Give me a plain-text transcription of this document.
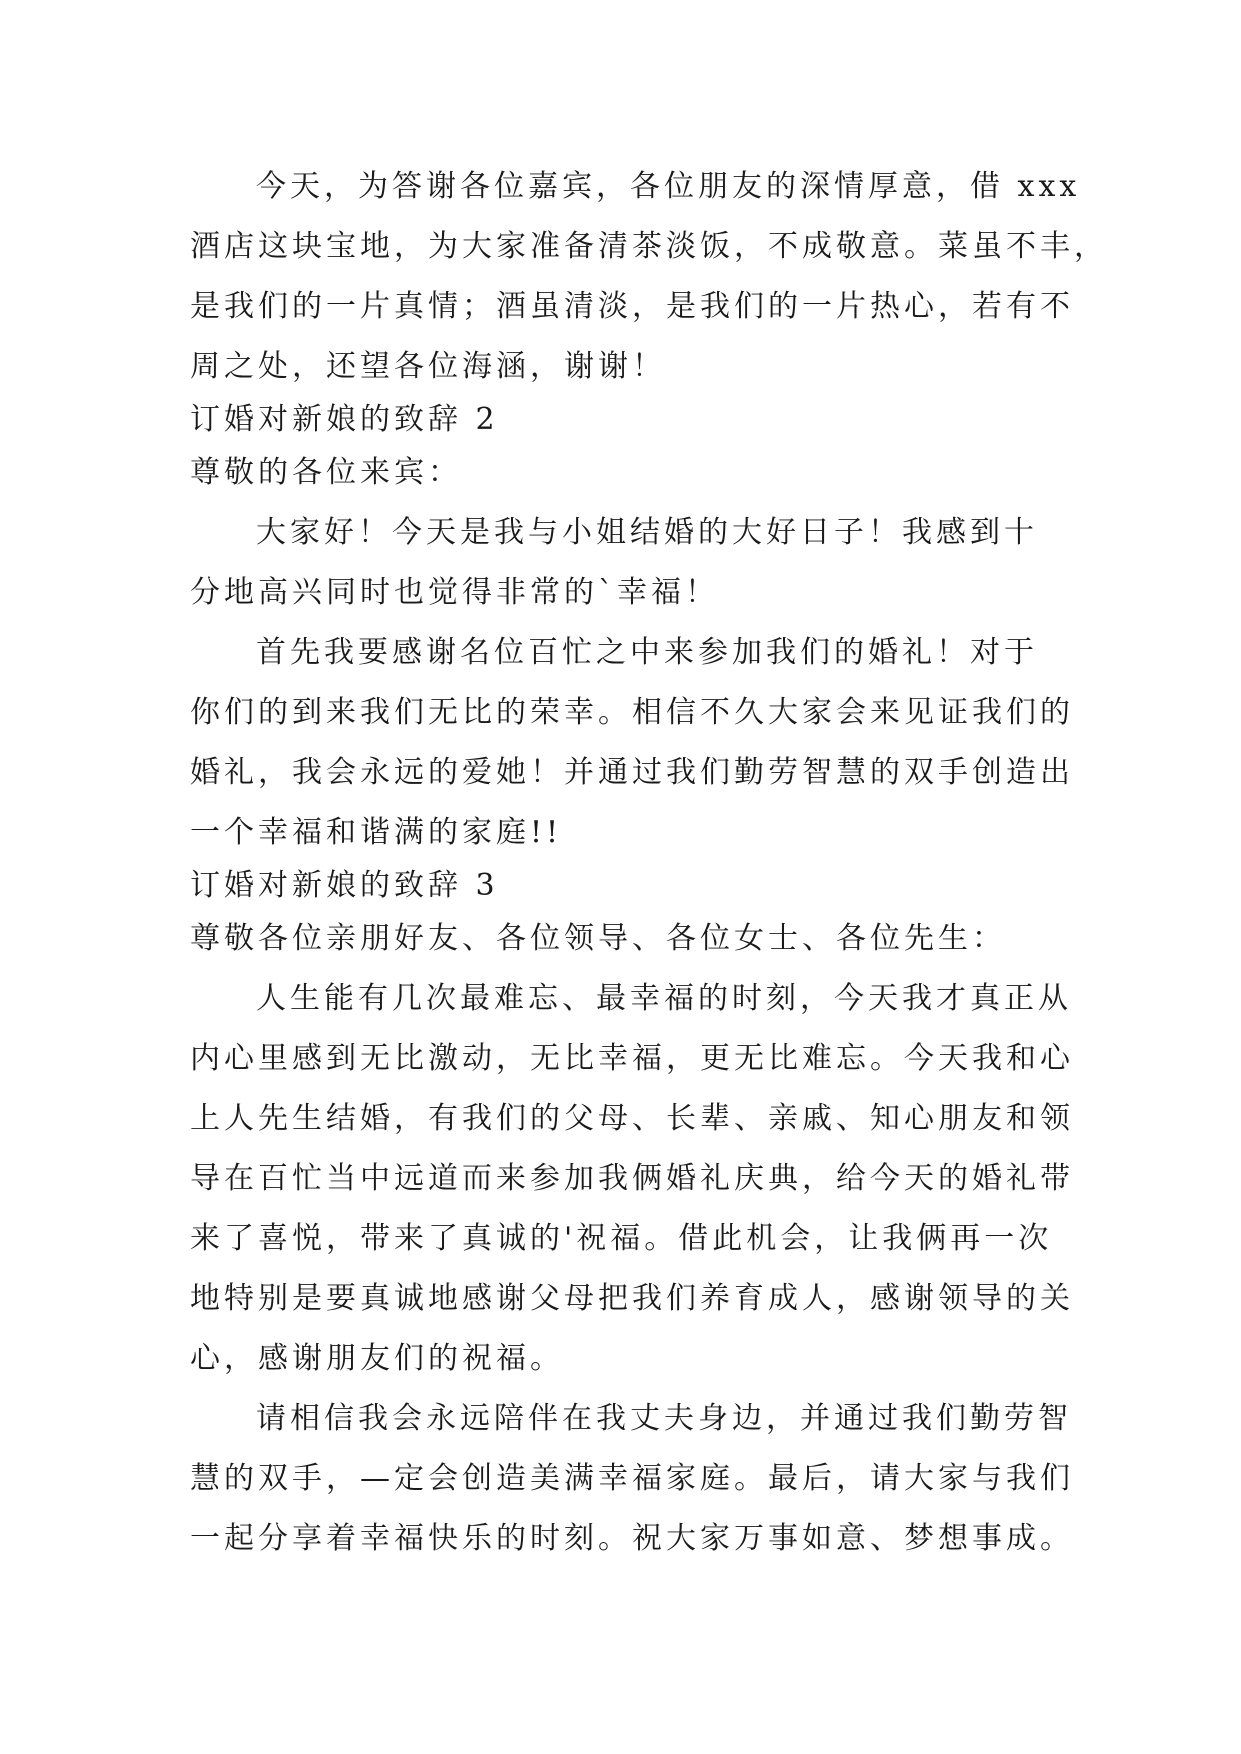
今天，为答谢各位嘉宾，各位朋友的深情厚意，借 xxx
酒店这块宝地，为大家准备清茶淡饭，不成敬意。菜虽不丰，
是我们的一片真情；酒虽清淡，是我们的一片热心，若有不
周之处，还望各位海涵，谢谢！
订婚对新娘的致辞 2
尊敬的各位来宾：
大家好！今天是我与小姐结婚的大好日子！我感到十
分地高兴同时也觉得非常的`幸福！
首先我要感谢名位百忙之中来参加我们的婚礼！对于
你们的到来我们无比的荣幸。相信不久大家会来见证我们的
婚礼，我会永远的爱她！并通过我们勤劳智慧的双手创造出
一个幸福和谐满的家庭!!
订婚对新娘的致辞 3
尊敬各位亲朋好友、各位领导、各位女士、各位先生：
人生能有几次最难忘、最幸福的时刻，今天我才真正从
内心里感到无比激动，无比幸福，更无比难忘。今天我和心
上人先生结婚，有我们的父母、长辈、亲戚、知心朋友和领
导在百忙当中远道而来参加我俩婚礼庆典，给今天的婚礼带
来了喜悦，带来了真诚的'祝福。借此机会，让我俩再一次
地特别是要真诚地感谢父母把我们养育成人，感谢领导的关
心，感谢朋友们的祝福。
请相信我会永远陪伴在我丈夫身边，并通过我们勤劳智
慧的双手，—定会创造美满幸福家庭。最后，请大家与我们
一起分享着幸福快乐的时刻。祝大家万事如意、梦想事成。
